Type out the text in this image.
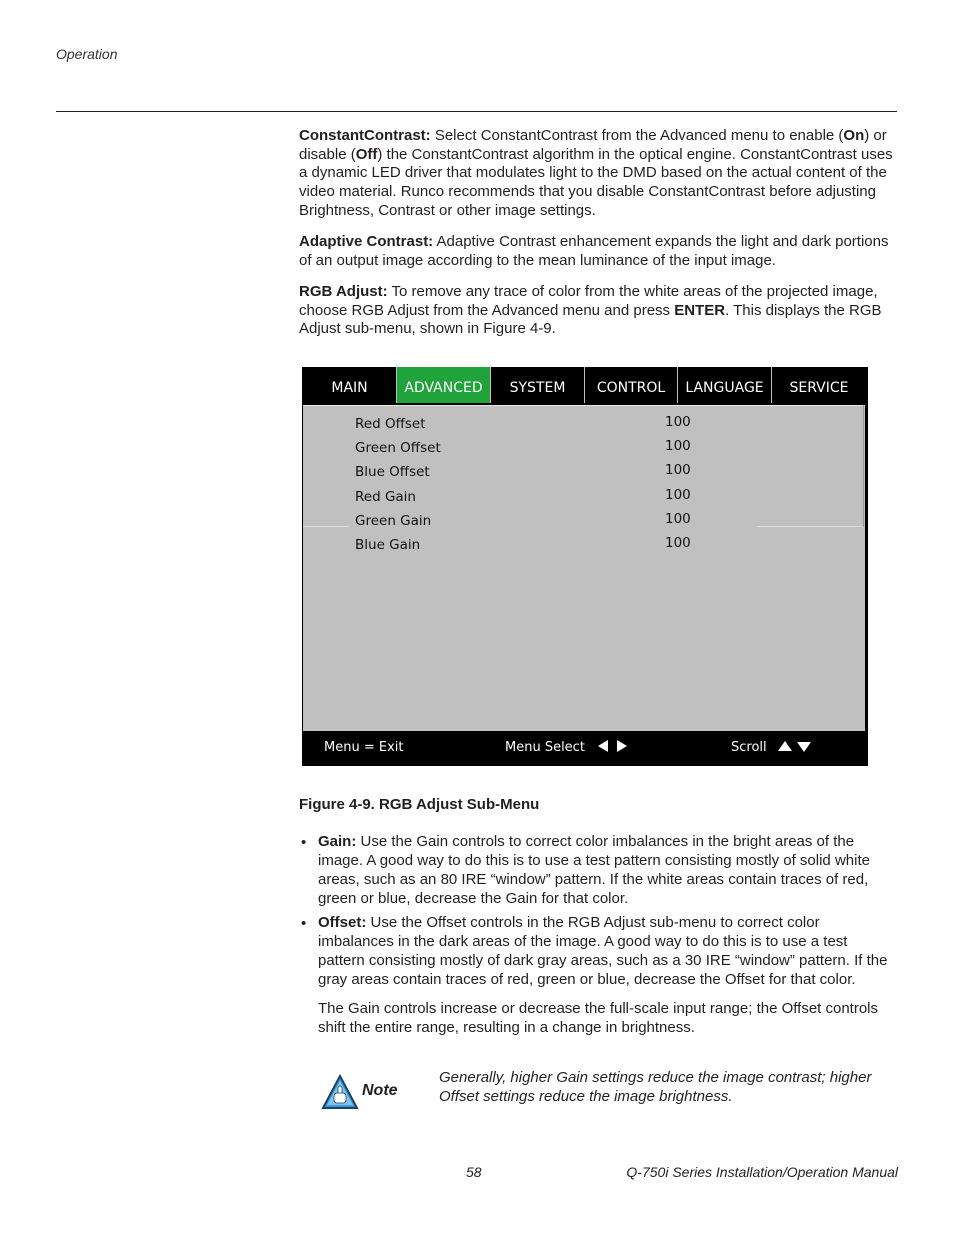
Operation
ConstantContrast: Select ConstantContrast from the Advanced menu to enable (On) or disable (Off) the ConstantContrast algorithm in the optical engine. ConstantContrast uses a dynamic LED driver that modulates light to the DMD based on the actual content of the video material. Runco recommends that you disable ConstantContrast before adjusting Brightness, Contrast or other image settings.
Adaptive Contrast: Adaptive Contrast enhancement expands the light and dark portions of an output image according to the mean luminance of the input image.
RGB Adjust: To remove any trace of color from the white areas of the projected image, choose RGB Adjust from the Advanced menu and press ENTER. This displays the RGB Adjust sub-menu, shown in Figure 4-9.
MAIN	ADVANCED	SYSTEM	CONTROL	LANGUAGE	SERVICE
Red Offset	100
Green Offset	100
Blue Offset	100
Red Gain	100
Green Gain	100
Blue Gain	100
Menu = Exit	Menu Select	Scroll
Figure 4-9. RGB Adjust Sub-Menu
• Gain: Use the Gain controls to correct color imbalances in the bright areas of the image. A good way to do this is to use a test pattern consisting mostly of solid white areas, such as an 80 IRE “window” pattern. If the white areas contain traces of red, green or blue, decrease the Gain for that color.
• Offset: Use the Offset controls in the RGB Adjust sub-menu to correct color imbalances in the dark areas of the image. A good way to do this is to use a test pattern consisting mostly of dark gray areas, such as a 30 IRE “window” pattern. If the gray areas contain traces of red, green or blue, decrease the Offset for that color.
The Gain controls increase or decrease the full-scale input range; the Offset controls shift the entire range, resulting in a change in brightness.
Note
Generally, higher Gain settings reduce the image contrast; higher Offset settings reduce the image brightness.
58	Q-750i Series Installation/Operation Manual
